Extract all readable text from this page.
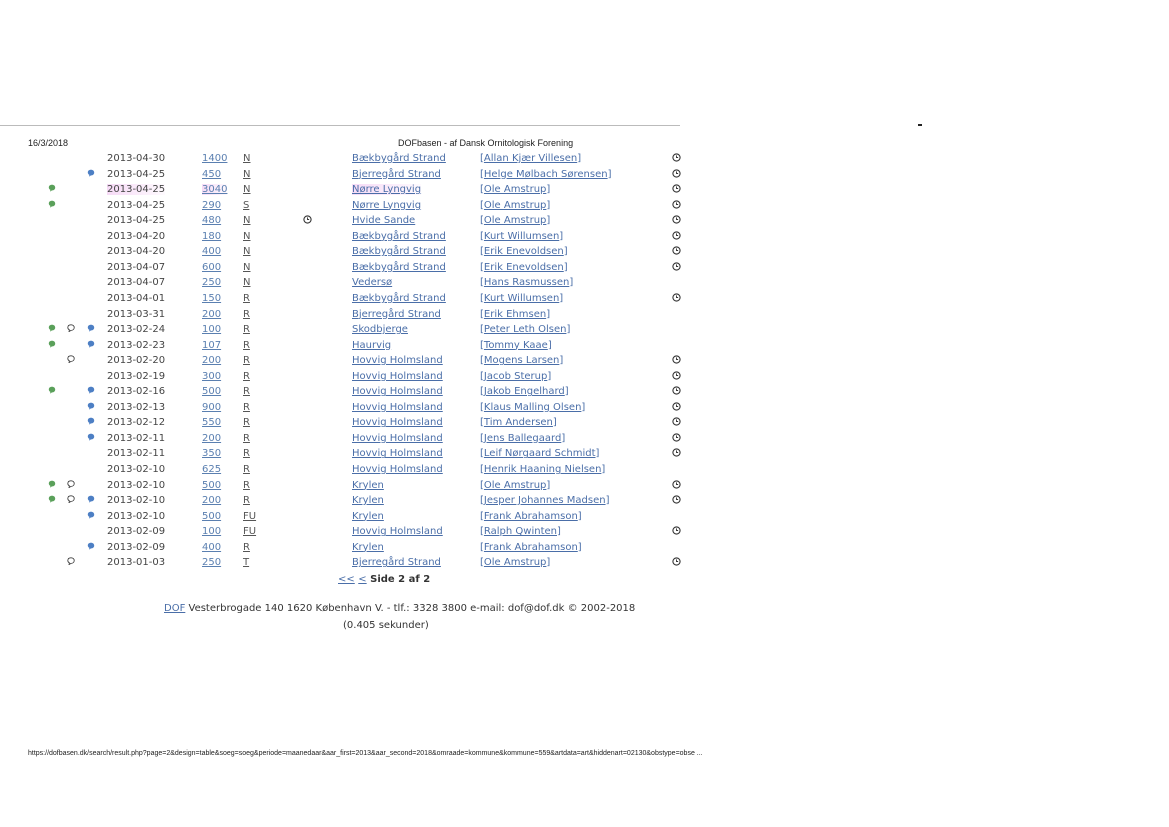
16/3/2018	DOFbasen - af Dansk Ornitologisk Forening
2013-04-30	1400 N	Bækbygård Strand	[Allan Kjær Villesen]
2013-04-25	450 N	Bjerregård Strand	[Helge Mølbach Sørensen]
2013-04-25	3040 N	Nørre Lyngvig	[Ole Amstrup]
2013-04-25	290 S	Nørre Lyngvig	[Ole Amstrup]
2013-04-25	480 N	Hvide Sande	[Ole Amstrup]
2013-04-20	180 N	Bækbygård Strand	[Kurt Willumsen]
2013-04-20	400 N	Bækbygård Strand	[Erik Enevoldsen]
2013-04-07	600 N	Bækbygård Strand	[Erik Enevoldsen]
2013-04-07	250 N	Vedersø	[Hans Rasmussen]
2013-04-01	150 R	Bækbygård Strand	[Kurt Willumsen]
2013-03-31	200 R	Bjerregård Strand	[Erik Ehmsen]
2013-02-24	100 R	Skodbjerge	[Peter Leth Olsen]
2013-02-23	107 R	Haurvig	[Tommy Kaae]
2013-02-20	200 R	Hovvig Holmsland	[Mogens Larsen]
2013-02-19	300 R	Hovvig Holmsland	[Jacob Sterup]
2013-02-16	500 R	Hovvig Holmsland	[Jakob Engelhard]
2013-02-13	900 R	Hovvig Holmsland	[Klaus Malling Olsen]
2013-02-12	550 R	Hovvig Holmsland	[Tim Andersen]
2013-02-11	200 R	Hovvig Holmsland	[Jens Ballegaard]
2013-02-11	350 R	Hovvig Holmsland	[Leif Nørgaard Schmidt]
2013-02-10	625 R	Hovvig Holmsland	[Henrik Haaning Nielsen]
2013-02-10	500 R	Krylen	[Ole Amstrup]
2013-02-10	200 R	Krylen	[Jesper Johannes Madsen]
2013-02-10	500 FU	Krylen	[Frank Abrahamson]
2013-02-09	100 FU	Hovvig Holmsland	[Ralph Qwinten]
2013-02-09	400 R	Krylen	[Frank Abrahamson]
2013-01-03	250 T	Bjerregård Strand	[Ole Amstrup]
<< < Side 2 af 2
DOF Vesterbrogade 140 1620 København V. - tlf.: 3328 3800 e-mail: dof@dof.dk © 2002-2018
(0.405 sekunder)
https://dofbasen.dk/search/result.php?page=2&design=table&soeg=soeg&periode=maanedaar&aar_first=2013&aar_second=2018&omraade=kommune&kommune=559&artdata=art&hiddenart=02130&obstype=obse ...
